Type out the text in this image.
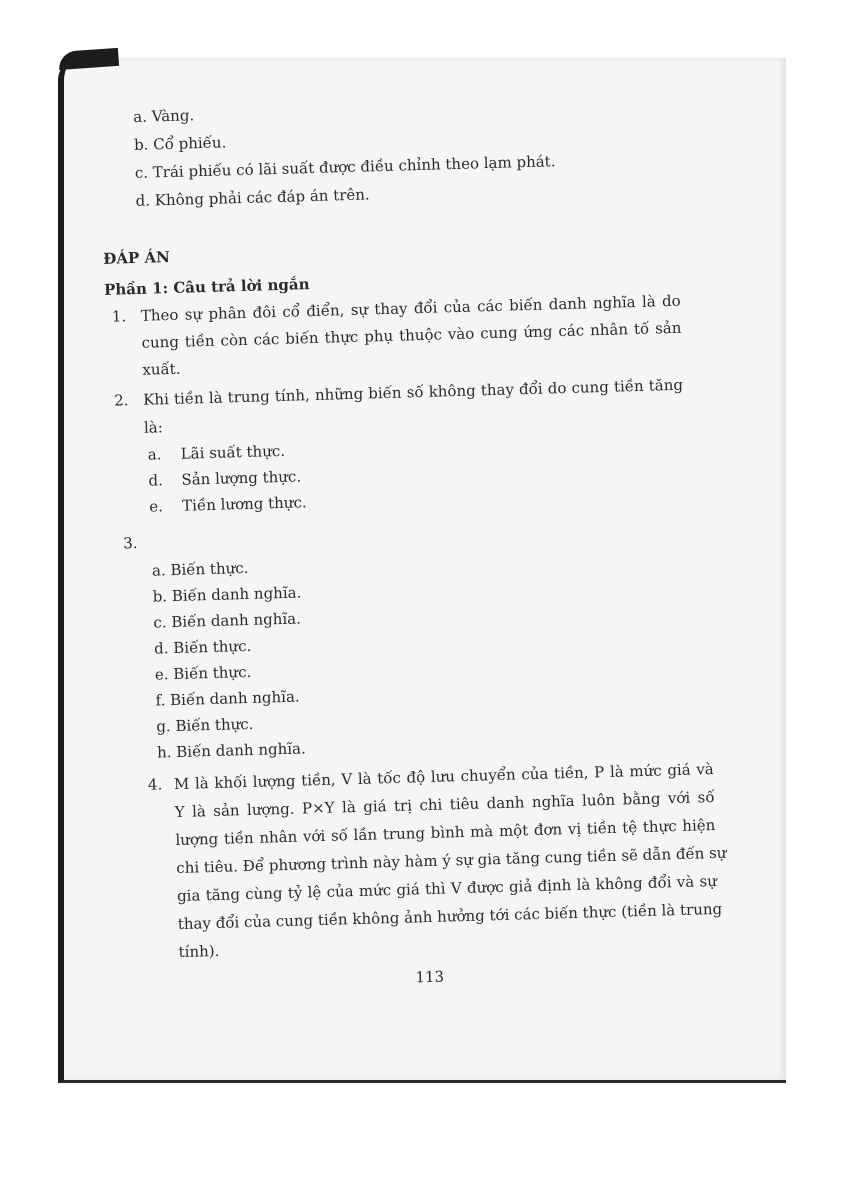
a. Vàng.
b. Cổ phiếu.
c. Trái phiếu có lãi suất được điều chỉnh theo lạm phát.
d. Không phải các đáp án trên.
ĐÁP ÁN
Phần 1: Câu trả lời ngắn
1. Theo sự phân đôi cổ điển, sự thay đổi của các biến danh nghĩa là do
cung tiền còn các biến thực phụ thuộc vào cung ứng các nhân tố sản
xuất.
2. Khi tiền là trung tính, những biến số không thay đổi do cung tiền tăng
là:
a. Lãi suất thực.
d. Sản lượng thực.
e. Tiền lương thực.
3.
a. Biến thực.
b. Biến danh nghĩa.
c. Biến danh nghĩa.
d. Biến thực.
e. Biến thực.
f. Biến danh nghĩa.
g. Biến thực.
h. Biến danh nghĩa.
4. M là khối lượng tiền, V là tốc độ lưu chuyển của tiền, P là mức giá và
Y là sản lượng. P×Y là giá trị chi tiêu danh nghĩa luôn bằng với số
lượng tiền nhân với số lần trung bình mà một đơn vị tiền tệ thực hiện
chi tiêu. Để phương trình này hàm ý sự gia tăng cung tiền sẽ dẫn đến sự
gia tăng cùng tỷ lệ của mức giá thì V được giả định là không đổi và sự
thay đổi của cung tiền không ảnh hưởng tới các biến thực (tiền là trung
tính).
113
